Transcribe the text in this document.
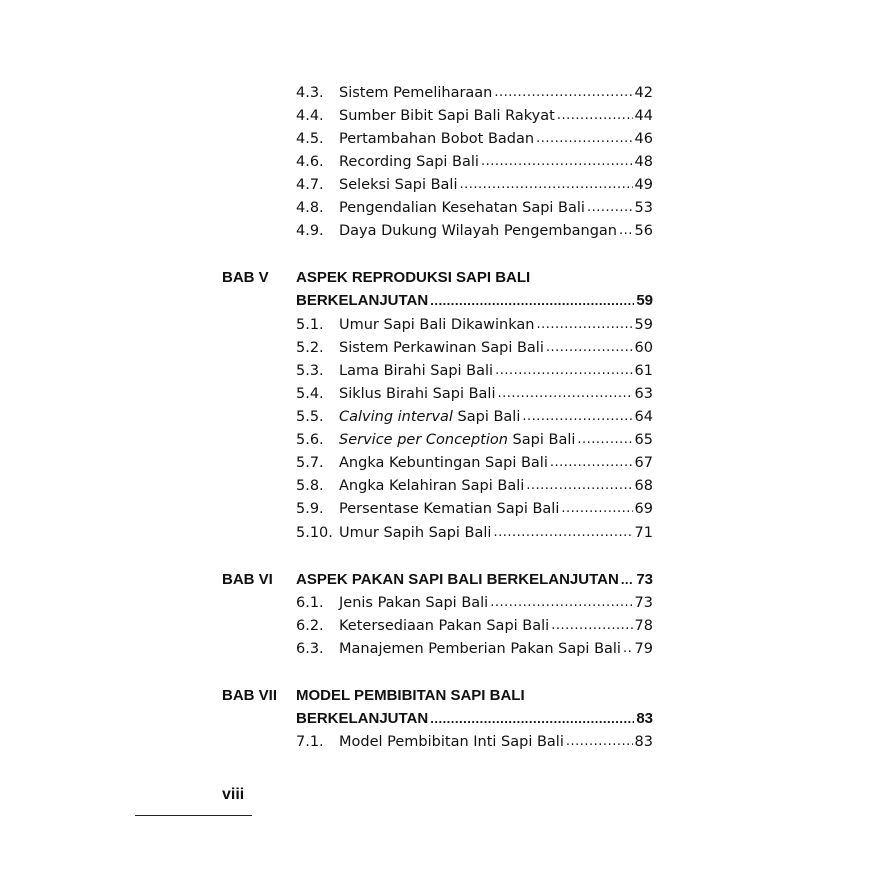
4.3.	Sistem Pemeliharaan .....	42
4.4.	Sumber Bibit Sapi Bali Rakyat .....	44
4.5.	Pertambahan Bobot Badan .....	46
4.6.	Recording Sapi Bali .....	48
4.7.	Seleksi Sapi Bali .....	49
4.8.	Pengendalian Kesehatan Sapi Bali .....	53
4.9.	Daya Dukung Wilayah Pengembangan ..... 56
BAB V	ASPEK REPRODUKSI SAPI BALI
BERKELANJUTAN .....	59
5.1.	Umur Sapi Bali Dikawinkan .....	59
5.2.	Sistem Perkawinan Sapi Bali .....	60
5.3.	Lama Birahi Sapi Bali .....	61
5.4.	Siklus Birahi Sapi Bali .....	63
5.5.	Calving interval Sapi Bali .....	64
5.6.	Service per Conception Sapi Bali .....	65
5.7.	Angka Kebuntingan Sapi Bali .....	67
5.8.	Angka Kelahiran Sapi Bali .....	68
5.9.	Persentase Kematian Sapi Bali .....	69
5.10. Umur Sapih Sapi Bali .....	71
BAB VI	ASPEK PAKAN SAPI BALI BERKELANJUTAN ..... 73
6.1.	Jenis Pakan Sapi Bali .....	73
6.2.	Ketersediaan Pakan Sapi Bali .....	78
6.3.	Manajemen Pemberian Pakan Sapi Bali ..... 79
BAB VII	MODEL PEMBIBITAN SAPI BALI
BERKELANJUTAN .....	83
7.1.	Model Pembibitan Inti Sapi Bali .....	83
viii
